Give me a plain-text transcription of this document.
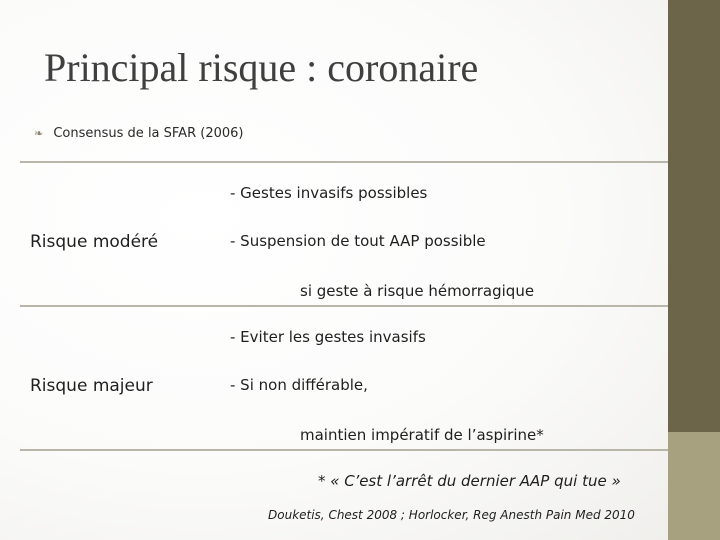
Principal risque : coronaire
❧ Consensus de la SFAR (2006)
- Gestes invasifs possibles
Risque modéré	- Suspension de tout AAP possible
si geste à risque hémorragique
- Eviter les gestes invasifs
Risque majeur	- Si non différable,
maintien impératif de l’aspirine*
* « C’est l’arrêt du dernier AAP qui tue »
Douketis, Chest 2008 ; Horlocker, Reg Anesth Pain Med 2010
